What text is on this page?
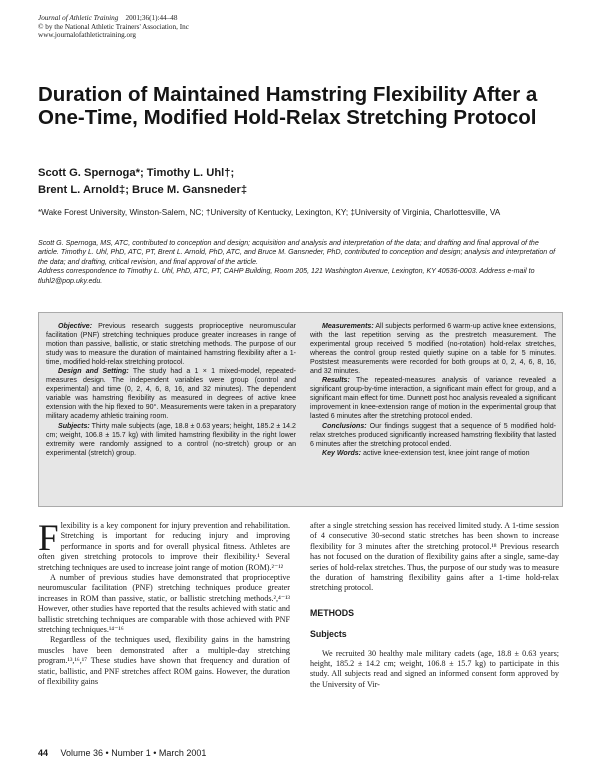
Journal of Athletic Training 2001;36(1):44–48
© by the National Athletic Trainers' Association, Inc
www.journalofathletictraining.org
Duration of Maintained Hamstring Flexibility After a One-Time, Modified Hold-Relax Stretching Protocol
Scott G. Spernoga*; Timothy L. Uhl†;
Brent L. Arnold‡; Bruce M. Gansneder‡
*Wake Forest University, Winston-Salem, NC; †University of Kentucky, Lexington, KY; ‡University of Virginia, Charlottesville, VA

Scott G. Spernoga, MS, ATC, contributed to conception and design; acquisition and analysis and interpretation of the data; and drafting and final approval of the article. Timothy L. Uhl, PhD, ATC, PT, Brent L. Arnold, PhD, ATC, and Bruce M. Gansneder, PhD, contributed to conception and design; analysis and interpretation of the data; and drafting, critical revision, and final approval of the article.

Address correspondence to Timothy L. Uhl, PhD, ATC, PT, CAHP Building, Room 205, 121 Washington Avenue, Lexington, KY 40536-0003. Address e-mail to tluhl2@pop.uky.edu.

Objective: Previous research suggests proprioceptive neuromuscular facilitation (PNF) stretching techniques produce greater increases in range of motion than passive, ballistic, or static stretching methods. The purpose of our study was to measure the duration of maintained hamstring flexibility after a 1-time, modified hold-relax stretching protocol.

Design and Setting: The study had a 1 × 1 mixed-model, repeated-measures design. The independent variables were group (control and experimental) and time (0, 2, 4, 6, 8, 16, and 32 minutes). The dependent variable was hamstring flexibility as measured in degrees of active knee extension with the hip flexed to 90°. Measurements were taken in a preparatory military academy athletic training room.

Subjects: Thirty male subjects (age, 18.8 ± 0.63 years; height, 185.2 ± 14.2 cm; weight, 106.8 ± 15.7 kg) with limited hamstring flexibility in the right lower extremity were randomly assigned to a control (no-stretch) group or an experimental (stretch) group.

Measurements: All subjects performed 6 warm-up active knee extensions, with the last repetition serving as the prestretch measurement. The experimental group received 5 modified (no-rotation) hold-relax stretches, whereas the control group rested quietly supine on a table for 5 minutes. Poststest measurements were recorded for both groups at 0, 2, 4, 6, 8, 16, and 32 minutes.

Results: The repeated-measures analysis of variance revealed a significant group-by-time interaction, a significant main effect for group, and a significant main effect for time. Dunnett post hoc analysis revealed a significant improvement in knee-extension range of motion in the experimental group that lasted 6 minutes after the stretching protocol ended.

Conclusions: Our findings suggest that a sequence of 5 modified hold-relax stretches produced significantly increased hamstring flexibility that lasted 6 minutes after the stretching protocol ended.

Key Words: active knee-extension test, knee joint range of motion

Flexibility is a key component for injury prevention and rehabilitation. Stretching is important for reducing injury and improving performance in sports and for overall physical fitness. Athletes are often given stretching protocols to improve their flexibility.¹ Several stretching techniques are used to increase joint range of motion (ROM).²⁻¹²

A number of previous studies have demonstrated that proprioceptive neuromuscular facilitation (PNF) stretching techniques produce greater increases in ROM than passive, static, or ballistic stretching methods.²,⁴⁻¹³ However, other studies have reported that the results achieved with static and ballistic stretching techniques are comparable with those achieved with PNF stretching techniques.¹⁴⁻¹⁶

Regardless of the techniques used, flexibility gains in the hamstring muscles have been demonstrated after a multiple-day stretching program.¹³,¹⁶,¹⁷ These studies have shown that frequency and duration of static, ballistic, and PNF stretches affect ROM gains. However, the duration of flexibility gains

after a single stretching session has received limited study. A 1-time session of 4 consecutive 30-second static stretches has been shown to increase flexibility for 3 minutes after the stretching protocol.¹⁸ Previous research has not focused on the duration of flexibility gains after a single, same-day series of hold-relax stretches. Thus, the purpose of our study was to measure the duration of hamstring flexibility gains after a 1-time hold-relax stretching protocol.

METHODS
Subjects

We recruited 30 healthy male military cadets (age, 18.8 ± 0.63 years; height, 185.2 ± 14.2 cm; weight, 106.8 ± 15.7 kg) to participate in this study. All subjects read and signed an informed consent form approved by the University of Vir-

44 Volume 36 • Number 1 • March 2001
